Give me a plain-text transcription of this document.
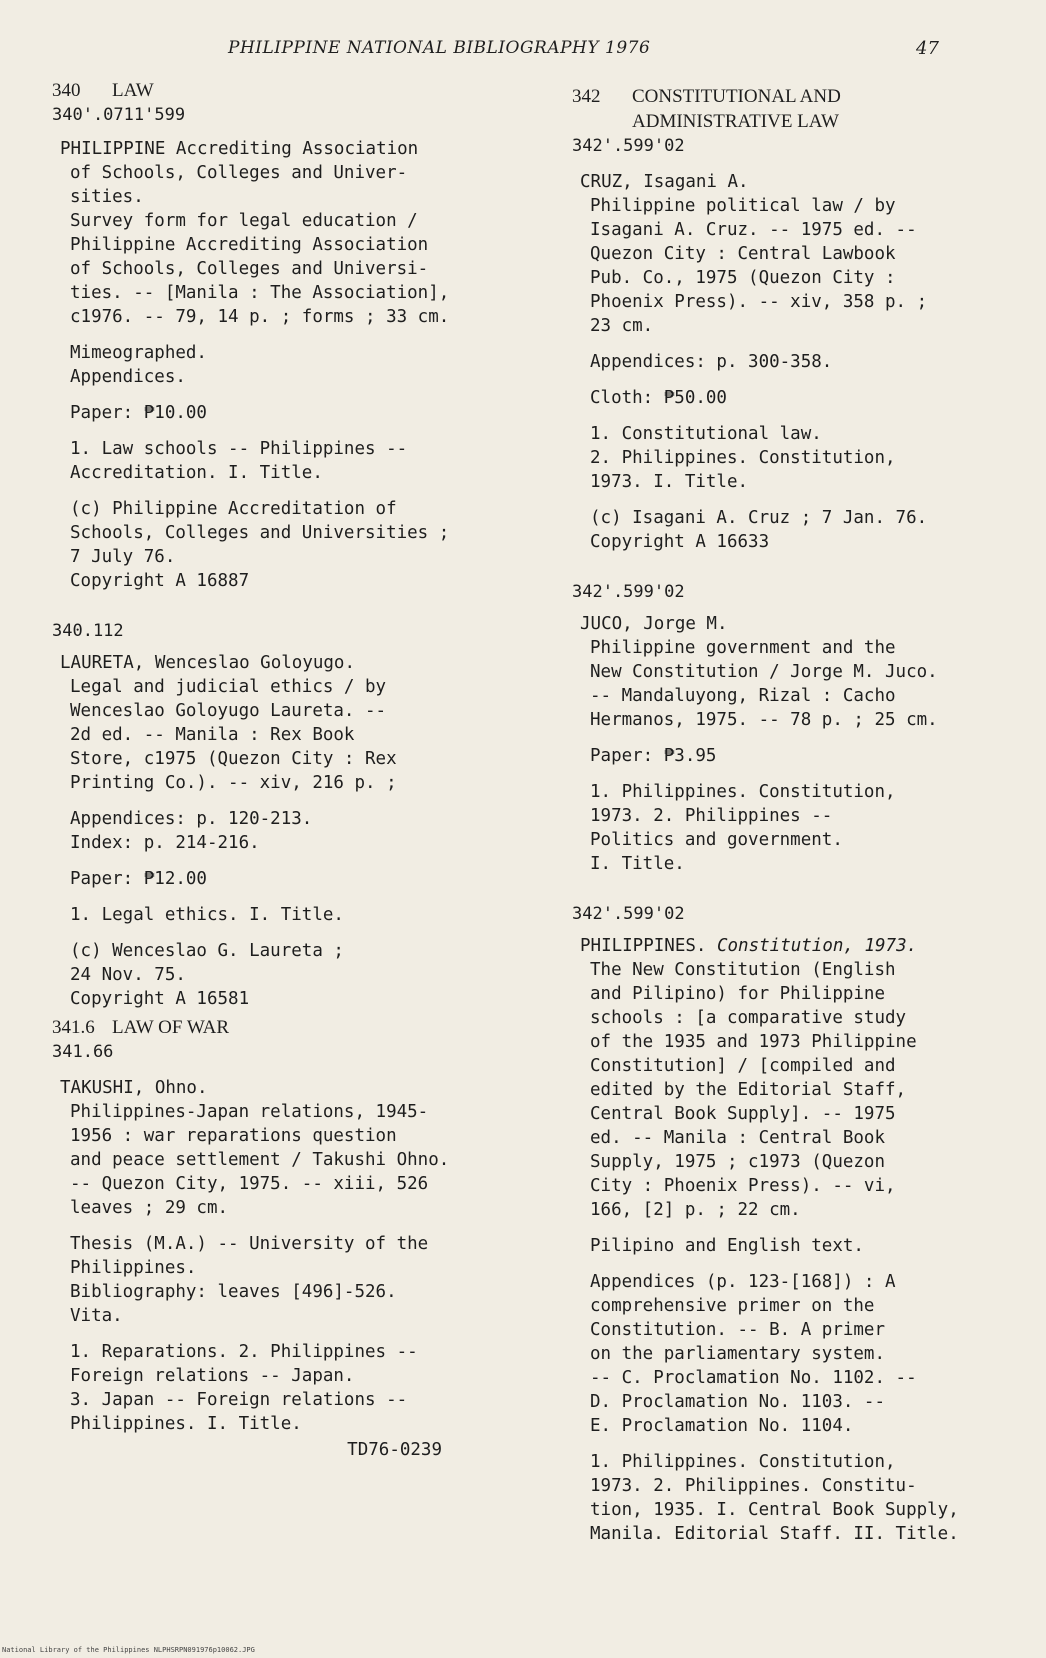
PHILIPPINE NATIONAL BIBLIOGRAPHY 1976	47
340 LAW

340'.0711'599

PHILIPPINE Accrediting Association

of Schools, Colleges and Univer-

sities.

Survey form for legal education /

Philippine Accrediting Association

of Schools, Colleges and Universi-

ties. -- [Manila : The Association],

c1976. -- 79, 14 p. ; forms ; 33 cm.

Mimeographed.

Appendices.

Paper: ₱10.00

1. Law schools -- Philippines --

Accreditation. I. Title.

(c) Philippine Accreditation of

Schools, Colleges and Universities ;

7 July 76.

Copyright A 16887

340.112

LAURETA, Wenceslao Goloyugo.

Legal and judicial ethics / by

Wenceslao Goloyugo Laureta. --

2d ed. -- Manila : Rex Book

Store, c1975 (Quezon City : Rex

Printing Co.). -- xiv, 216 p. ;

Appendices: p. 120-213.

Index: p. 214-216.

Paper: ₱12.00

1. Legal ethics. I. Title.

(c) Wenceslao G. Laureta ;

24 Nov. 75.

Copyright A 16581

341.6 LAW OF WAR

341.66

TAKUSHI, Ohno.

Philippines-Japan relations, 1945-

1956 : war reparations question

and peace settlement / Takushi Ohno.

-- Quezon City, 1975. -- xiii, 526

leaves ; 29 cm.

Thesis (M.A.) -- University of the

Philippines.

Bibliography: leaves [496]-526.

Vita.

1. Reparations. 2. Philippines --

Foreign relations -- Japan.

3. Japan -- Foreign relations --

Philippines. I. Title.

TD76-0239

342 CONSTITUTIONAL AND
ADMINISTRATIVE LAW

342'.599'02

CRUZ, Isagani A.

Philippine political law / by

Isagani A. Cruz. -- 1975 ed. --

Quezon City : Central Lawbook

Pub. Co., 1975 (Quezon City :

Phoenix Press). -- xiv, 358 p. ;

23 cm.

Appendices: p. 300-358.

Cloth: ₱50.00

1. Constitutional law.

2. Philippines. Constitution,

1973. I. Title.

(c) Isagani A. Cruz ; 7 Jan. 76.

Copyright A 16633

342'.599'02

JUCO, Jorge M.

Philippine government and the

New Constitution / Jorge M. Juco.

-- Mandaluyong, Rizal : Cacho

Hermanos, 1975. -- 78 p. ; 25 cm.

Paper: ₱3.95

1. Philippines. Constitution,

1973. 2. Philippines --

Politics and government.

I. Title.

342'.599'02

PHILIPPINES. Constitution, 1973.

The New Constitution (English

and Pilipino) for Philippine

schools : [a comparative study

of the 1935 and 1973 Philippine

Constitution] / [compiled and

edited by the Editorial Staff,

Central Book Supply]. -- 1975

ed. -- Manila : Central Book

Supply, 1975 ; c1973 (Quezon

City : Phoenix Press). -- vi,

166, [2] p. ; 22 cm.

Pilipino and English text.

Appendices (p. 123-[168]) : A

comprehensive primer on the

Constitution. -- B. A primer

on the parliamentary system.

-- C. Proclamation No. 1102. --

D. Proclamation No. 1103. --

E. Proclamation No. 1104.

1. Philippines. Constitution,

1973. 2. Philippines. Constitu-

tion, 1935. I. Central Book Supply,

Manila. Editorial Staff. II. Title.

National Library of the Philippines NLPHSRPN091976p10062.JPG
